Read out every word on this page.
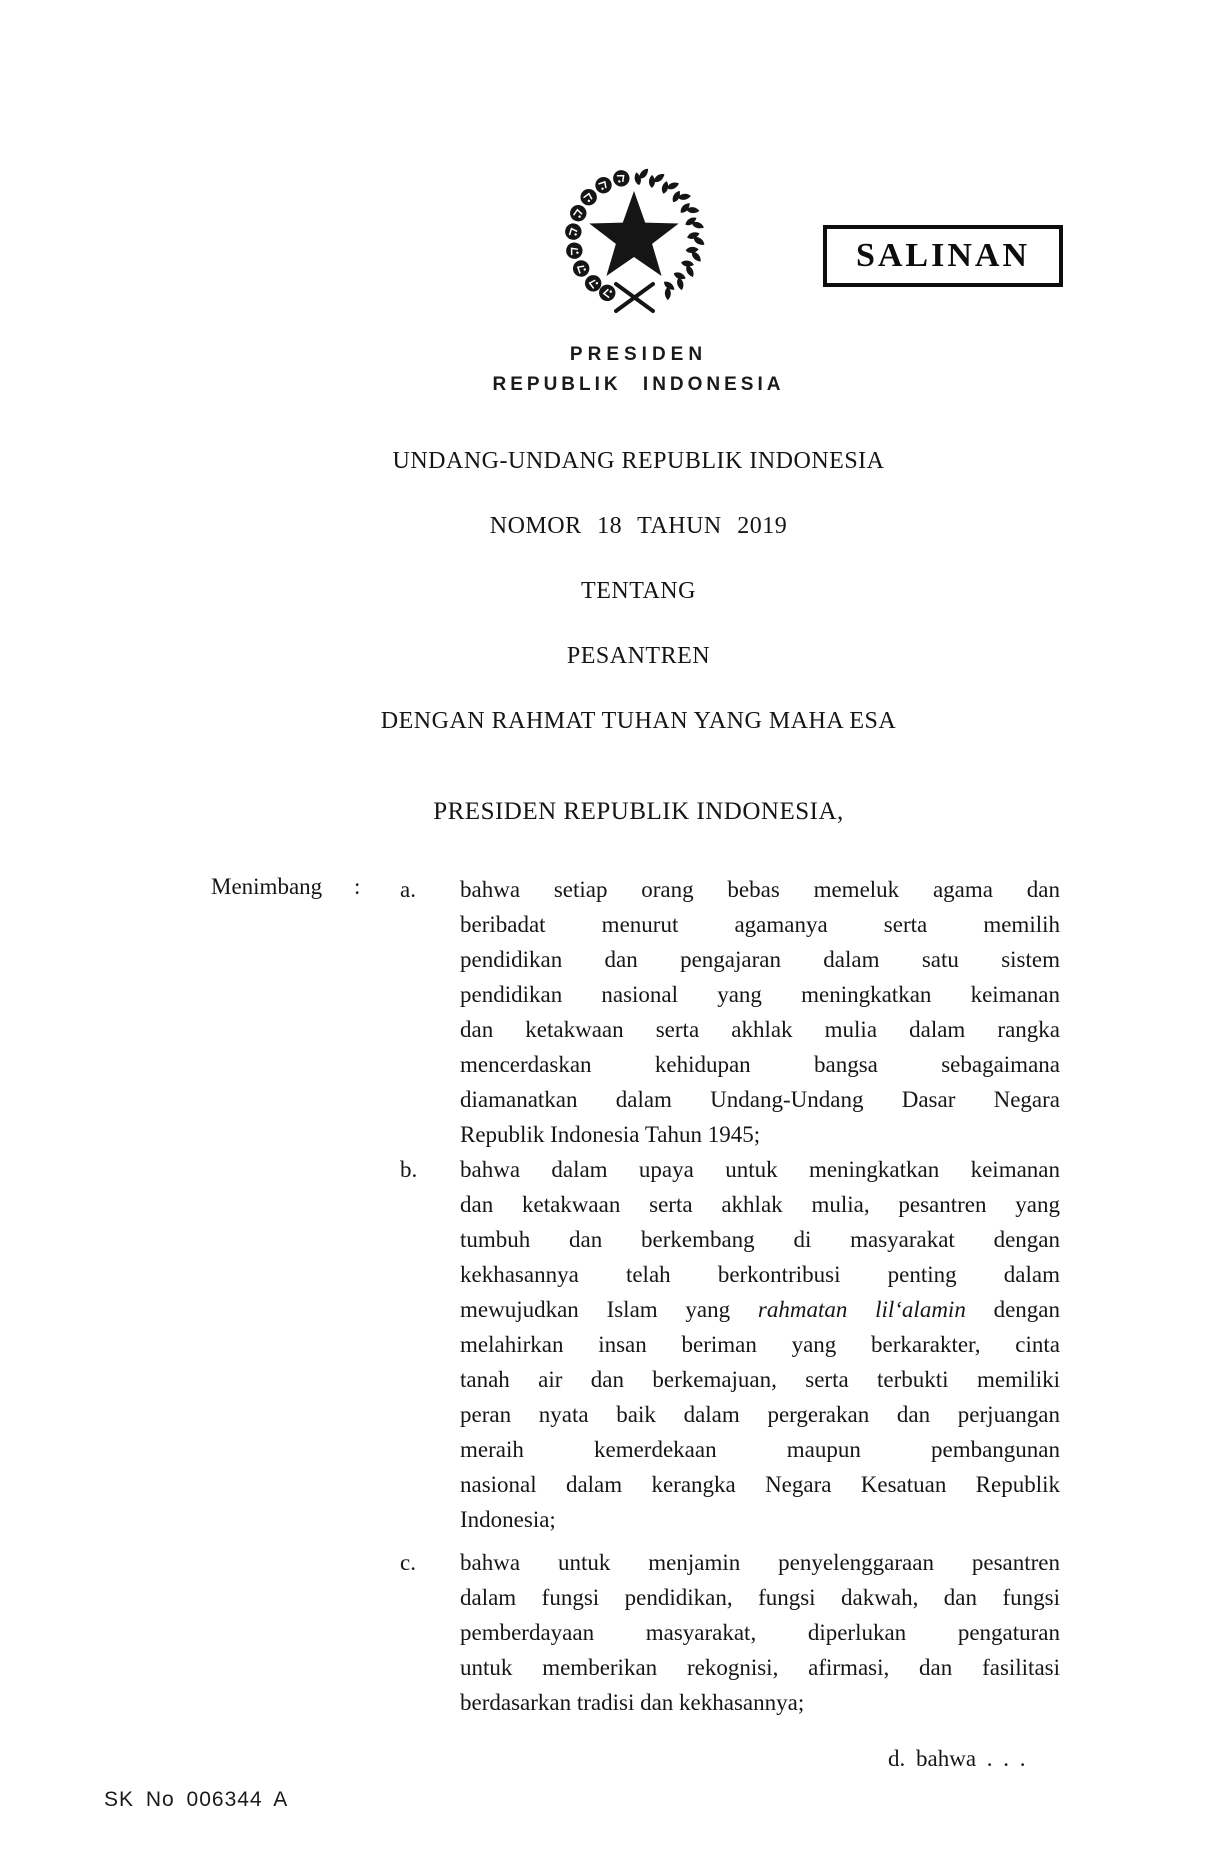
SALINAN
PRESIDEN
REPUBLIK INDONESIA
UNDANG-UNDANG REPUBLIK INDONESIA
NOMOR 18 TAHUN 2019
TENTANG
PESANTREN
DENGAN RAHMAT TUHAN YANG MAHA ESA
PRESIDEN REPUBLIK INDONESIA,
Menimbang : a.	bahwa setiap orang bebas memeluk agama dan
beribadat menurut agamanya serta memilih
pendidikan dan pengajaran dalam satu sistem
pendidikan nasional yang meningkatkan keimanan
dan ketakwaan serta akhlak mulia dalam rangka
mencerdaskan kehidupan bangsa sebagaimana
diamanatkan dalam Undang-Undang Dasar Negara
Republik Indonesia Tahun 1945;
b.	bahwa dalam upaya untuk meningkatkan keimanan
dan ketakwaan serta akhlak mulia, pesantren yang
tumbuh dan berkembang di masyarakat dengan
kekhasannya telah berkontribusi penting dalam
mewujudkan Islam yang rahmatan lil‘alamin dengan
melahirkan insan beriman yang berkarakter, cinta
tanah air dan berkemajuan, serta terbukti memiliki
peran nyata baik dalam pergerakan dan perjuangan
meraih kemerdekaan maupun pembangunan
nasional dalam kerangka Negara Kesatuan Republik
Indonesia;
c.	bahwa untuk menjamin penyelenggaraan pesantren
dalam fungsi pendidikan, fungsi dakwah, dan fungsi
pemberdayaan masyarakat, diperlukan pengaturan
untuk memberikan rekognisi, afirmasi, dan fasilitasi
berdasarkan tradisi dan kekhasannya;
d. bahwa . . .
SK No 006344 A
